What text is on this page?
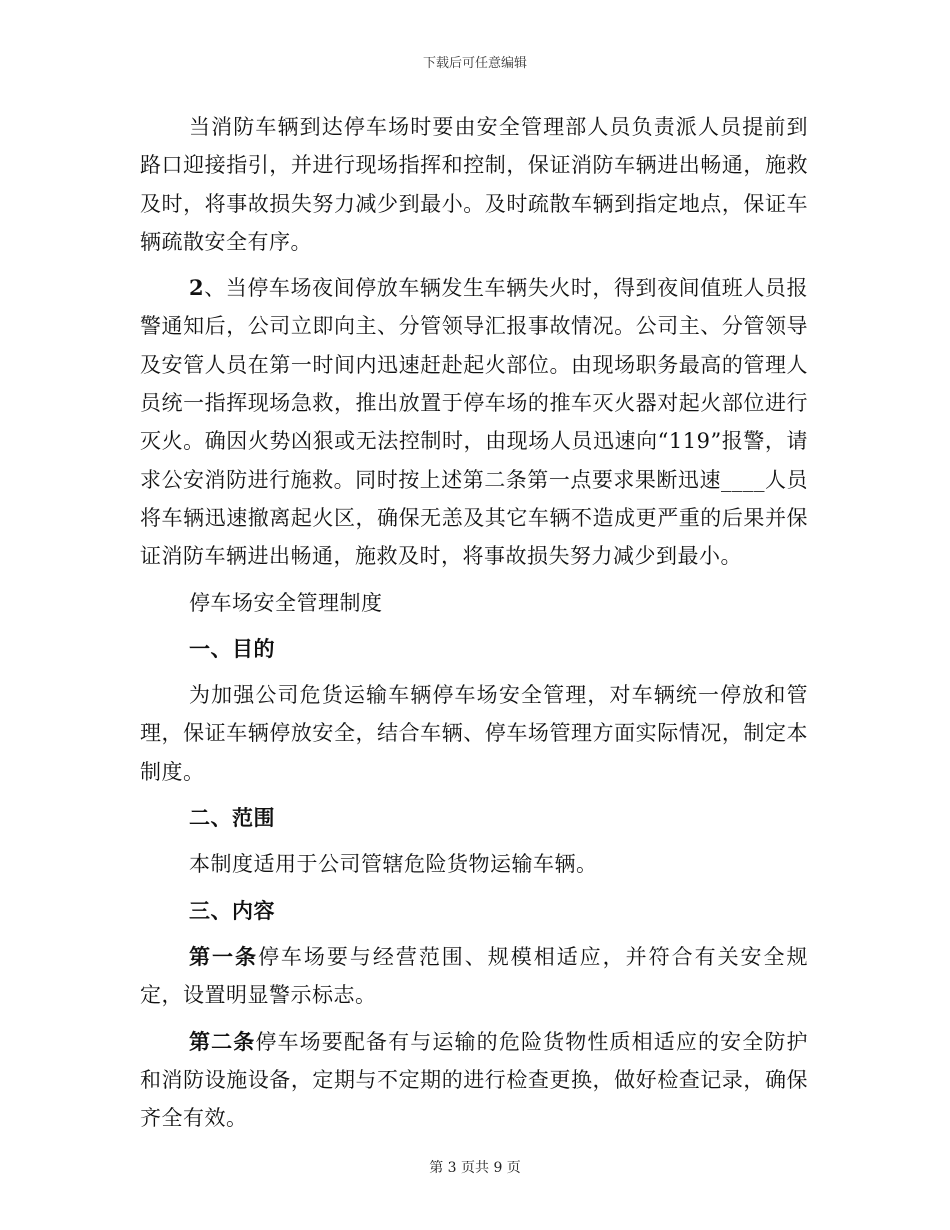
下载后可任意编辑

当消防车辆到达停车场时要由安全管理部人员负责派人员提前到路口迎接指引，并进行现场指挥和控制，保证消防车辆进出畅通，施救及时，将事故损失努力减少到最小。及时疏散车辆到指定地点，保证车辆疏散安全有序。

2、当停车场夜间停放车辆发生车辆失火时，得到夜间值班人员报警通知后，公司立即向主、分管领导汇报事故情况。公司主、分管领导及安管人员在第一时间内迅速赶赴起火部位。由现场职务最高的管理人员统一指挥现场急救，推出放置于停车场的推车灭火器对起火部位进行灭火。确因火势凶狠或无法控制时，由现场人员迅速向“119”报警，请求公安消防进行施救。同时按上述第二条第一点要求果断迅速____人员将车辆迅速撤离起火区，确保无恙及其它车辆不造成更严重的后果并保证消防车辆进出畅通，施救及时，将事故损失努力减少到最小。

停车场安全管理制度

一、目的

为加强公司危货运输车辆停车场安全管理，对车辆统一停放和管理，保证车辆停放安全，结合车辆、停车场管理方面实际情况，制定本制度。

二、范围

本制度适用于公司管辖危险货物运输车辆。

三、内容

第一条停车场要与经营范围、规模相适应，并符合有关安全规定，设置明显警示标志。

第二条停车场要配备有与运输的危险货物性质相适应的安全防护和消防设施设备，定期与不定期的进行检查更换，做好检查记录，确保齐全有效。

第 3 页共 9 页
